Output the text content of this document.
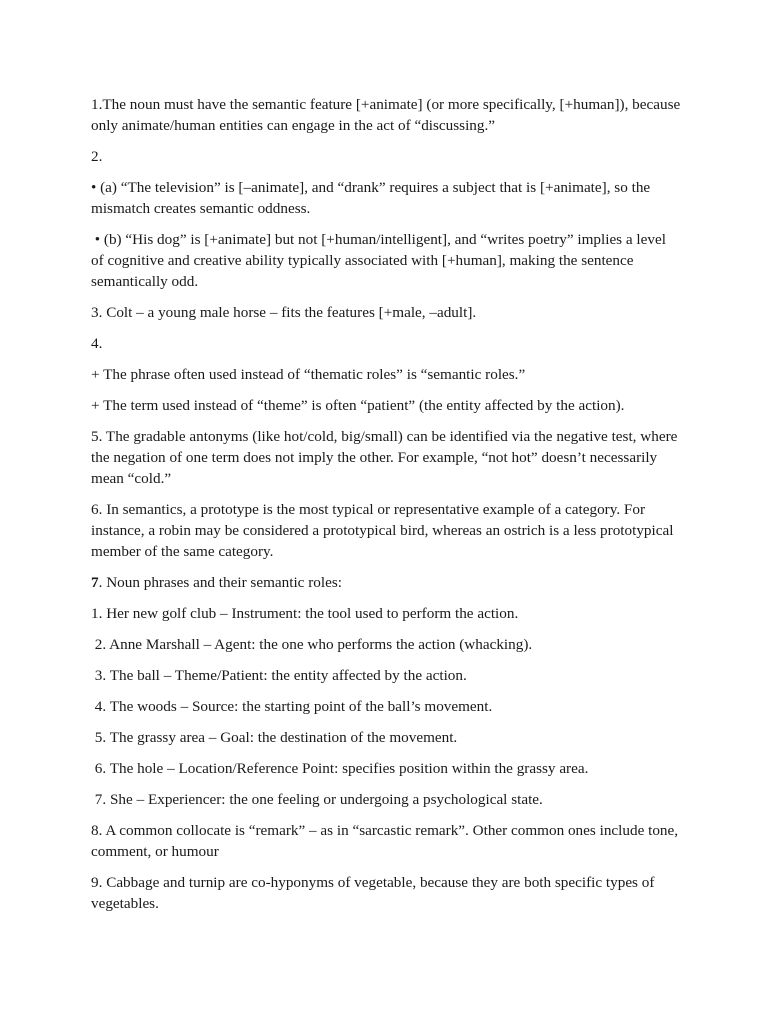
1.The noun must have the semantic feature [+animate] (or more specifically, [+human]), because only animate/human entities can engage in the act of “discussing.”

2.

• (a) “The television” is [–animate], and “drank” requires a subject that is [+animate], so the mismatch creates semantic oddness.

• (b) “His dog” is [+animate] but not [+human/intelligent], and “writes poetry” implies a level of cognitive and creative ability typically associated with [+human], making the sentence semantically odd.

3. Colt – a young male horse – fits the features [+male, –adult].

4.

+ The phrase often used instead of “thematic roles” is “semantic roles.”

+ The term used instead of “theme” is often “patient” (the entity affected by the action).

5. The gradable antonyms (like hot/cold, big/small) can be identified via the negative test, where the negation of one term does not imply the other. For example, “not hot” doesn’t necessarily mean “cold.”

6. In semantics, a prototype is the most typical or representative example of a category. For instance, a robin may be considered a prototypical bird, whereas an ostrich is a less prototypical member of the same category.

7. Noun phrases and their semantic roles:

1. Her new golf club – Instrument: the tool used to perform the action.

2. Anne Marshall – Agent: the one who performs the action (whacking).

3. The ball – Theme/Patient: the entity affected by the action.

4. The woods – Source: the starting point of the ball’s movement.

5. The grassy area – Goal: the destination of the movement.

6. The hole – Location/Reference Point: specifies position within the grassy area.

7. She – Experiencer: the one feeling or undergoing a psychological state.

8. A common collocate is “remark” – as in “sarcastic remark”. Other common ones include tone, comment, or humour

9. Cabbage and turnip are co-hyponyms of vegetable, because they are both specific types of vegetables.
